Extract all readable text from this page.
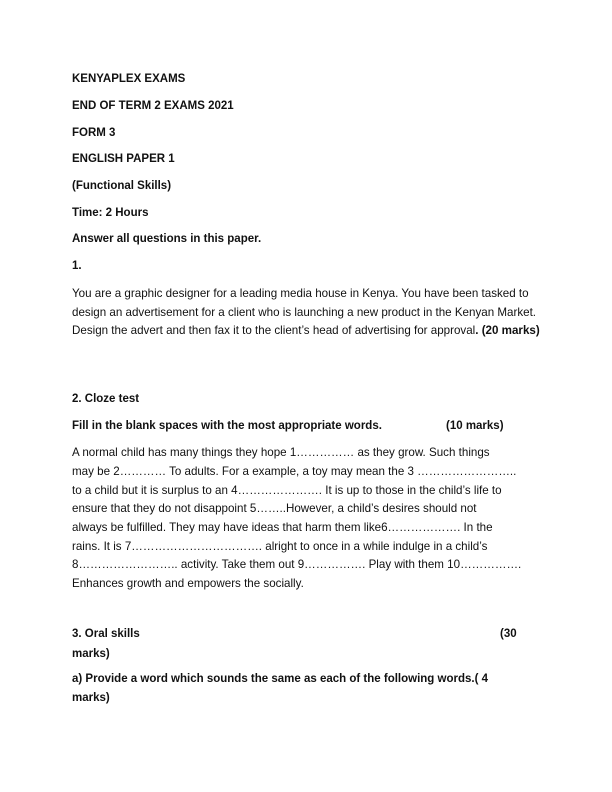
KENYAPLEX EXAMS
END OF TERM 2 EXAMS 2021
FORM 3
ENGLISH PAPER 1
(Functional Skills)
Time: 2 Hours
Answer all questions in this paper.
1.

You are a graphic designer for a leading media house in Kenya. You have been tasked to design an advertisement for a client who is launching a new product in the Kenyan Market. Design the advert and then fax it to the client’s head of advertising for approval. (20 marks)

2. Cloze test
Fill in the blank spaces with the most appropriate words.	(10 marks)
A normal child has many things they hope 1…………… as they grow. Such things
may be 2………… To adults. For a example, a toy may mean the 3 ……………………..
to a child but it is surplus to an 4…………………. It is up to those in the child’s life to
ensure that they do not disappoint 5……..However, a child’s desires should not
always be fulfilled. They may have ideas that harm them like6………………. In the
rains. It is 7……………………………. alright to once in a while indulge in a child’s
8…………………….. activity. Take them out 9……………. Play with them 10…………….
Enhances growth and empowers the socially.
3. Oral skills	(30
marks)
a) Provide a word which sounds the same as each of the following words.( 4
marks)
